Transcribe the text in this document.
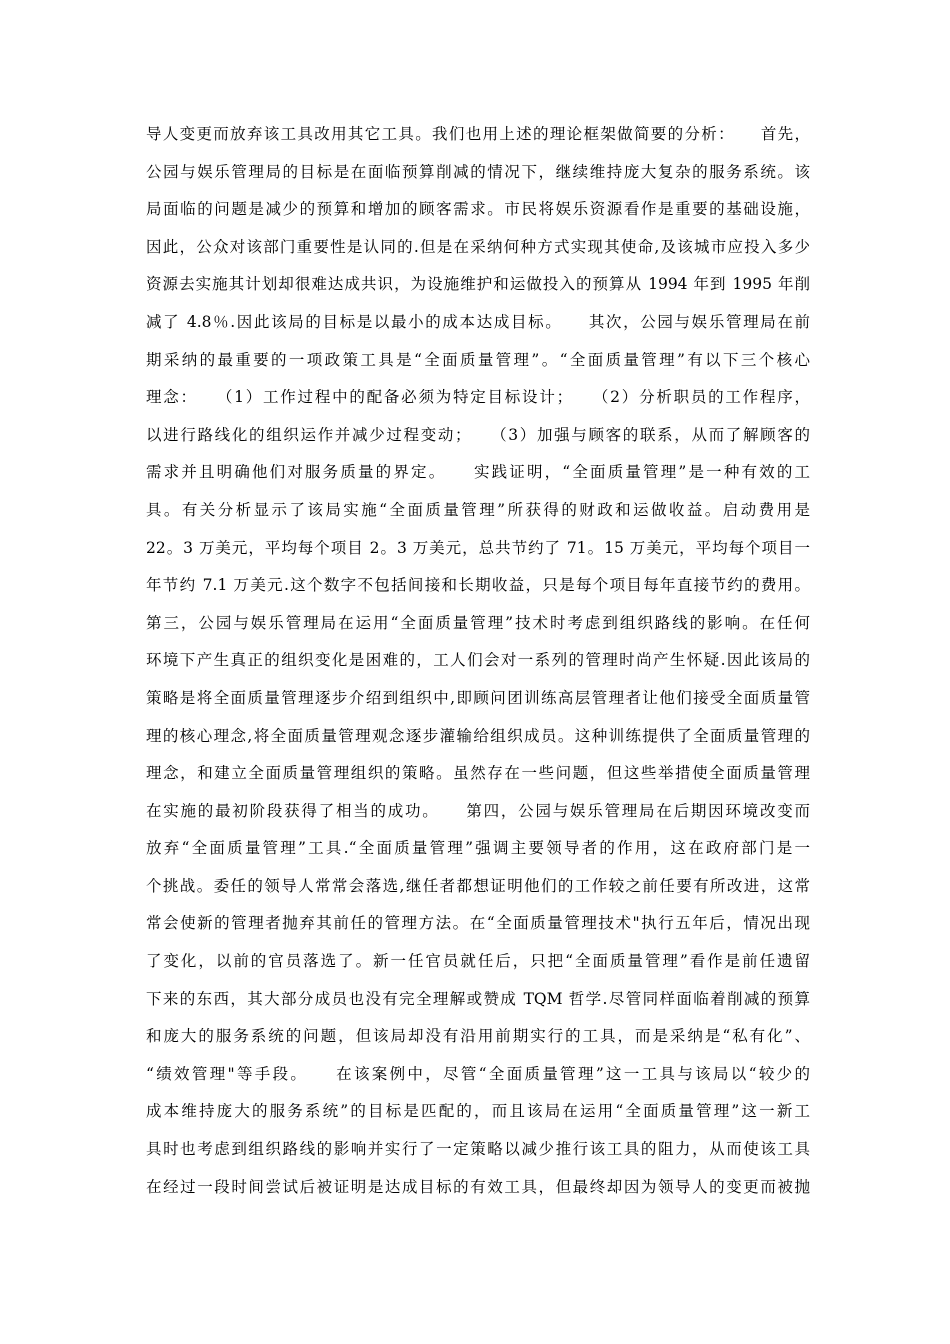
导人变更而放弃该工具改用其它工具。我们也用上述的理论框架做简要的分析：　　首先，
公园与娱乐管理局的目标是在面临预算削减的情况下，继续维持庞大复杂的服务系统。该
局面临的问题是减少的预算和增加的顾客需求。市民将娱乐资源看作是重要的基础设施，
因此，公众对该部门重要性是认同的.但是在采纳何种方式实现其使命,及该城市应投入多少
资源去实施其计划却很难达成共识，为设施维护和运做投入的预算从 1994 年到 1995 年削
减了 4.8％.因此该局的目标是以最小的成本达成目标。　　其次，公园与娱乐管理局在前
期采纳的最重要的一项政策工具是“全面质量管理”。“全面质量管理”有以下三个核心
理念：　　（1）工作过程中的配备必须为特定目标设计；　　（2）分析职员的工作程序，
以进行路线化的组织运作并减少过程变动；　　（3）加强与顾客的联系，从而了解顾客的
需求并且明确他们对服务质量的界定。　　实践证明，“全面质量管理”是一种有效的工
具。有关分析显示了该局实施“全面质量管理”所获得的财政和运做收益。启动费用是
22。3 万美元，平均每个项目 2。3 万美元，总共节约了 71。15 万美元，平均每个项目一
年节约 7.1 万美元.这个数字不包括间接和长期收益，只是每个项目每年直接节约的费用。
第三，公园与娱乐管理局在运用“全面质量管理”技术时考虑到组织路线的影响。在任何
环境下产生真正的组织变化是困难的，工人们会对一系列的管理时尚产生怀疑.因此该局的
策略是将全面质量管理逐步介绍到组织中,即顾问团训练高层管理者让他们接受全面质量管
理的核心理念,将全面质量管理观念逐步灌输给组织成员。这种训练提供了全面质量管理的
理念，和建立全面质量管理组织的策略。虽然存在一些问题，但这些举措使全面质量管理
在实施的最初阶段获得了相当的成功。　　第四，公园与娱乐管理局在后期因环境改变而
放弃“全面质量管理”工具.“全面质量管理”强调主要领导者的作用，这在政府部门是一
个挑战。委任的领导人常常会落选,继任者都想证明他们的工作较之前任要有所改进，这常
常会使新的管理者抛弃其前任的管理方法。在“全面质量管理技术"执行五年后，情况出现
了变化，以前的官员落选了。新一任官员就任后，只把“全面质量管理”看作是前任遗留
下来的东西，其大部分成员也没有完全理解或赞成 TQM 哲学.尽管同样面临着削减的预算
和庞大的服务系统的问题，但该局却没有沿用前期实行的工具，而是采纳是“私有化”、
“绩效管理"等手段。　　在该案例中，尽管“全面质量管理”这一工具与该局以“较少的
成本维持庞大的服务系统”的目标是匹配的，而且该局在运用“全面质量管理”这一新工
具时也考虑到组织路线的影响并实行了一定策略以减少推行该工具的阻力，从而使该工具
在经过一段时间尝试后被证明是达成目标的有效工具，但最终却因为领导人的变更而被抛
